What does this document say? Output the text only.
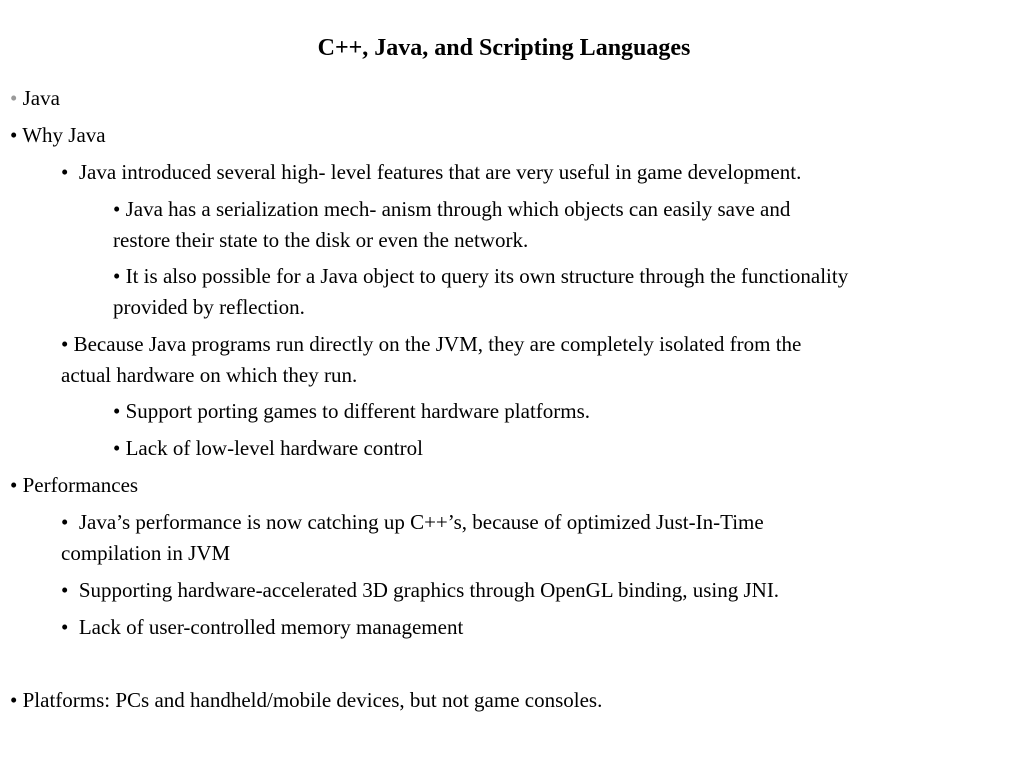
C++, Java, and Scripting Languages
• Java
• Why Java
• Java introduced several high- level features that are very useful in game development.
• Java has a serialization mech- anism through which objects can easily save and
restore their state to the disk or even the network.
• It is also possible for a Java object to query its own structure through the functionality
provided by reflection.
• Because Java programs run directly on the JVM, they are completely isolated from the
actual hardware on which they run.
• Support porting games to different hardware platforms.
• Lack of low-level hardware control
• Performances
• Java’s performance is now catching up C++’s, because of optimized Just-In-Time
compilation in JVM
• Supporting hardware-accelerated 3D graphics through OpenGL binding, using JNI.
• Lack of user-controlled memory management
• Platforms: PCs and handheld/mobile devices, but not game consoles.
